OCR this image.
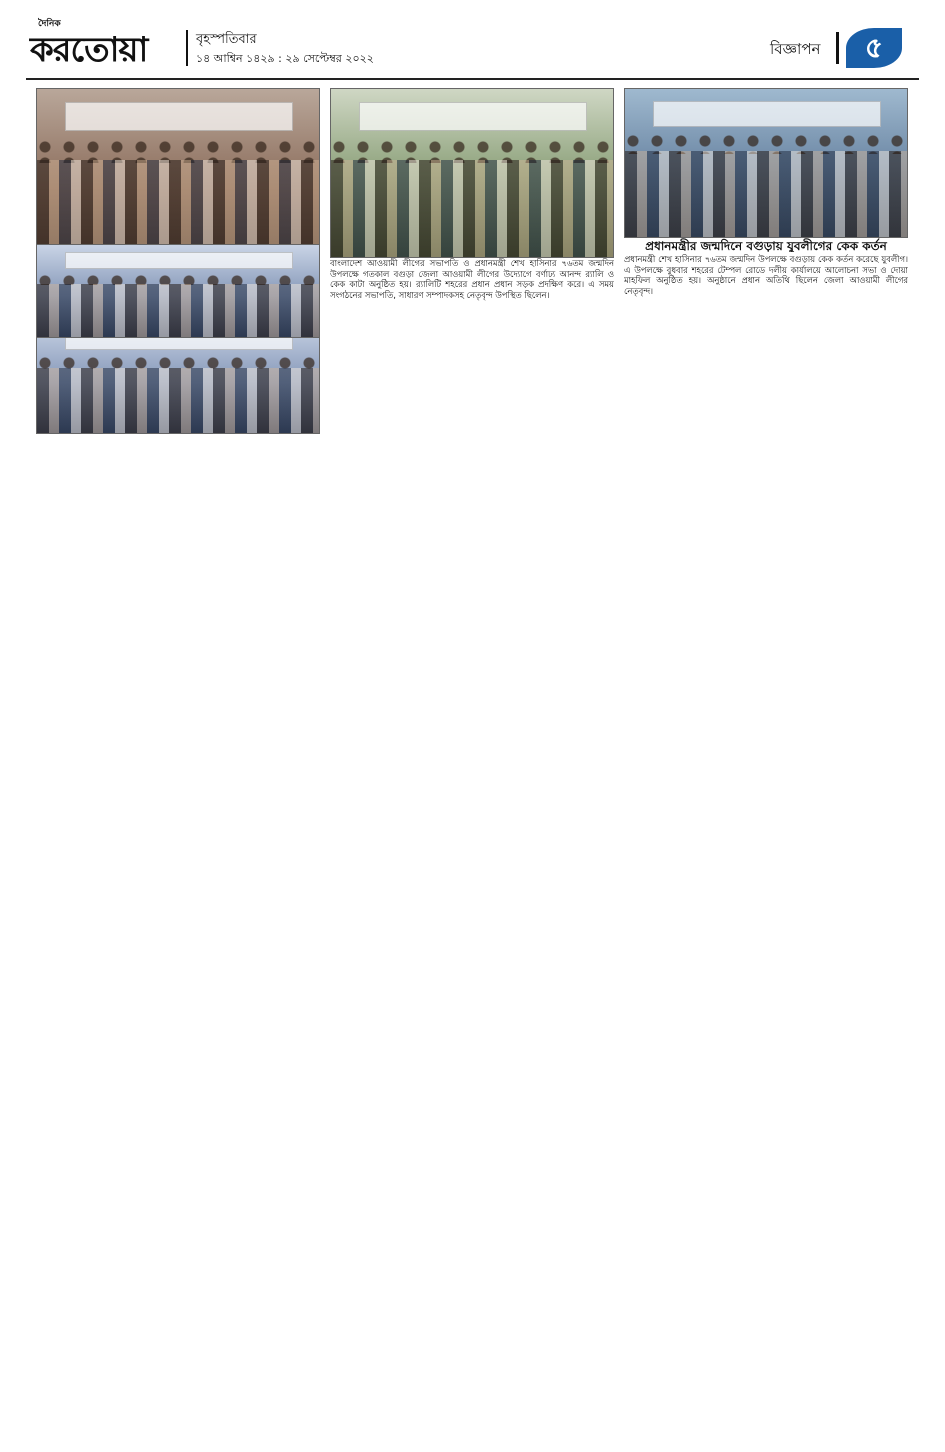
দৈনিক
করতোয়া	বৃহস্পতিবার
১৪ আশ্বিন ১৪২৯ : ২৯ সেপ্টেম্বর ২০২২
বিজ্ঞাপন	৫
বাংলাদেশ আওয়ামী লীগের সভাপতি ও প্রধানমন্ত্রী শেখ হাসিনার ৭৬তম জন্মদিন উপলক্ষে গতকাল বগুড়া জেলা আওয়ামী লীগের উদ্যোগে বর্ণাঢ্য আনন্দ র‍্যালি ও কেক কাটা অনুষ্ঠিত হয়। র‍্যালিটি শহরের প্রধান প্রধান সড়ক প্রদক্ষিণ করে। এ সময় সংগঠনের সভাপতি, সাধারণ সম্পাদকসহ নেতৃবৃন্দ উপস্থিত ছিলেন।
প্রধানমন্ত্রীর জন্মদিনে বগুড়ায় যুবলীগের কেক কর্তন
প্রধানমন্ত্রী শেখ হাসিনার ৭৬তম জন্মদিন উপলক্ষে বগুড়ায় কেক কর্তন করেছে যুবলীগ। এ উপলক্ষে বুধবার শহরের টেম্পল রোডে দলীয় কার্যালয়ে আলোচনা সভা ও দোয়া মাহফিল অনুষ্ঠিত হয়। অনুষ্ঠানে প্রধান অতিথি ছিলেন জেলা আওয়ামী লীগের নেতৃবৃন্দ।
